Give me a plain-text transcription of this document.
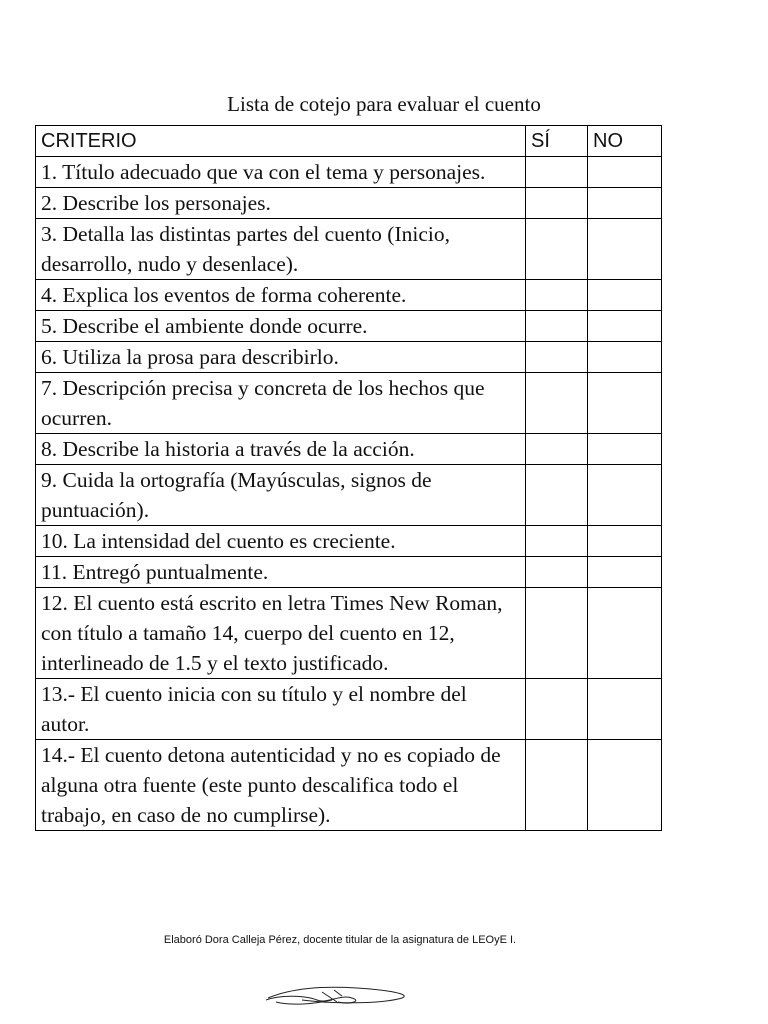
Lista de cotejo para evaluar el cuento
CRITERIO	SÍ	NO
1. Título adecuado que va con el tema y personajes.		
2. Describe los personajes.		
3. Detalla las distintas partes del cuento (Inicio, desarrollo, nudo y desenlace).		
4. Explica los eventos de forma coherente.		
5. Describe el ambiente donde ocurre.		
6. Utiliza la prosa para describirlo.		
7. Descripción precisa y concreta de los hechos que ocurren.		
8. Describe la historia a través de la acción.		
9. Cuida la ortografía (Mayúsculas, signos de puntuación).		
10. La intensidad del cuento es creciente.		
11. Entregó puntualmente.		
12. El cuento está escrito en letra Times New Roman, con título a tamaño 14, cuerpo del cuento en 12, interlineado de 1.5 y el texto justificado.		
13.- El cuento inicia con su título y el nombre del autor.		
14.- El cuento detona autenticidad y no es copiado de alguna otra fuente (este punto descalifica todo el trabajo, en caso de no cumplirse).		
Elaboró Dora Calleja Pérez, docente titular de la asignatura de LEOyE I.
